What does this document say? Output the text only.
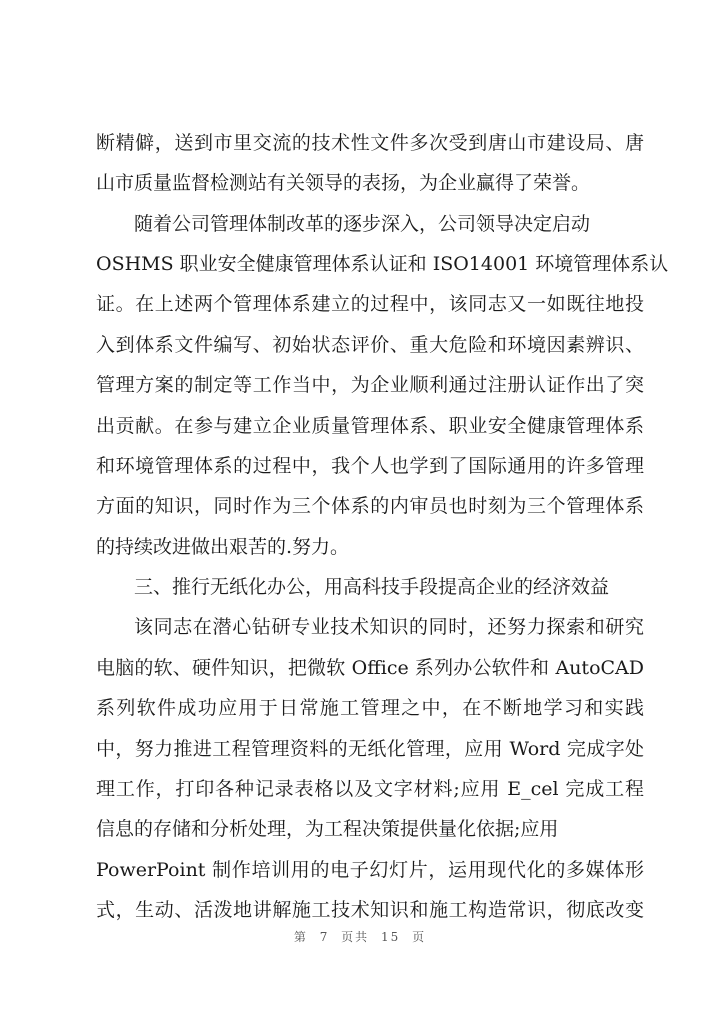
断精僻，送到市里交流的技术性文件多次受到唐山市建设局、唐
山市质量监督检测站有关领导的表扬，为企业赢得了荣誉。
随着公司管理体制改革的逐步深入，公司领导决定启动
OSHMS 职业安全健康管理体系认证和 ISO14001 环境管理体系认
证。在上述两个管理体系建立的过程中，该同志又一如既往地投
入到体系文件编写、初始状态评价、重大危险和环境因素辨识、
管理方案的制定等工作当中，为企业顺利通过注册认证作出了突
出贡献。在参与建立企业质量管理体系、职业安全健康管理体系
和环境管理体系的过程中，我个人也学到了国际通用的许多管理
方面的知识，同时作为三个体系的内审员也时刻为三个管理体系
的持续改进做出艰苦的.努力。
三、推行无纸化办公，用高科技手段提高企业的经济效益
该同志在潜心钻研专业技术知识的同时，还努力探索和研究
电脑的软、硬件知识，把微软 Office 系列办公软件和 AutoCAD
系列软件成功应用于日常施工管理之中，在不断地学习和实践
中，努力推进工程管理资料的无纸化管理，应用 Word 完成字处
理工作，打印各种记录表格以及文字材料;应用 E_cel 完成工程
信息的存储和分析处理，为工程决策提供量化依据;应用
PowerPoint 制作培训用的电子幻灯片，运用现代化的多媒体形
式，生动、活泼地讲解施工技术知识和施工构造常识，彻底改变
第 7 页共 15 页
